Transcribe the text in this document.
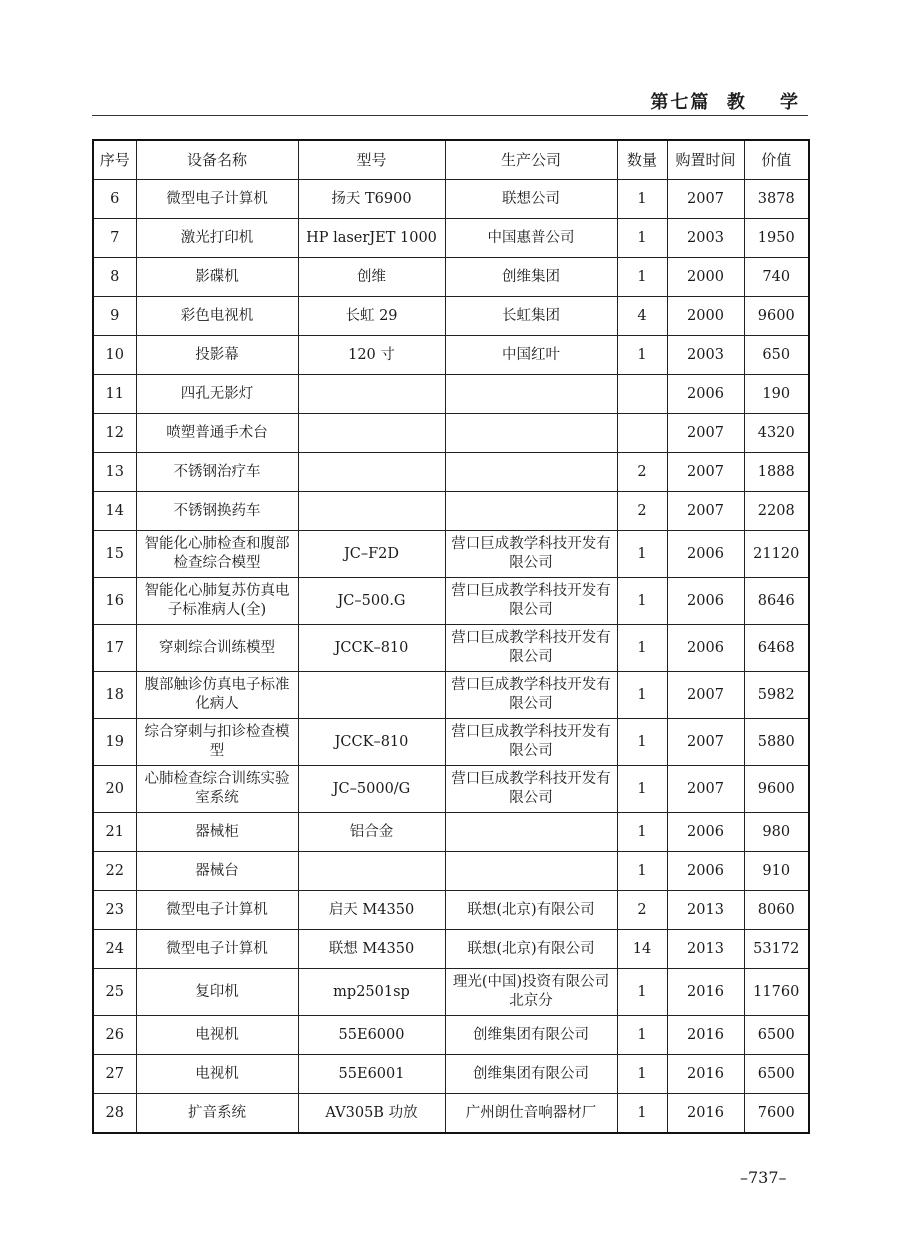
第七篇  教    学
序号	设备名称	型号	生产公司	数量	购置时间	价值
6	微型电子计算机	扬天 T6900	联想公司	1	2007	3878
7	激光打印机	HP laserJET 1000	中国惠普公司	1	2003	1950
8	影碟机	创维	创维集团	1	2000	740
9	彩色电视机	长虹 29	长虹集团	4	2000	9600
10	投影幕	120 寸	中国红叶	1	2003	650
11	四孔无影灯				2006	190
12	喷塑普通手术台				2007	4320
13	不锈钢治疗车			2	2007	1888
14	不锈钢换药车			2	2007	2208
15	智能化心肺检查和腹部检查综合模型	JC–F2D	营口巨成教学科技开发有限公司	1	2006	21120
16	智能化心肺复苏仿真电子标准病人(全)	JC–500.G	营口巨成教学科技开发有限公司	1	2006	8646
17	穿刺综合训练模型	JCCK–810	营口巨成教学科技开发有限公司	1	2006	6468
18	腹部触诊仿真电子标准化病人		营口巨成教学科技开发有限公司	1	2007	5982
19	综合穿刺与扣诊检查模型	JCCK–810	营口巨成教学科技开发有限公司	1	2007	5880
20	心肺检查综合训练实验室系统	JC–5000/G	营口巨成教学科技开发有限公司	1	2007	9600
21	器械柜	铝合金		1	2006	980
22	器械台			1	2006	910
23	微型电子计算机	启天 M4350	联想(北京)有限公司	2	2013	8060
24	微型电子计算机	联想 M4350	联想(北京)有限公司	14	2013	53172
25	复印机	mp2501sp	理光(中国)投资有限公司北京分	1	2016	11760
26	电视机	55E6000	创维集团有限公司	1	2016	6500
27	电视机	55E6001	创维集团有限公司	1	2016	6500
28	扩音系统	AV305B 功放	广州朗仕音响器材厂	1	2016	7600
–737–
